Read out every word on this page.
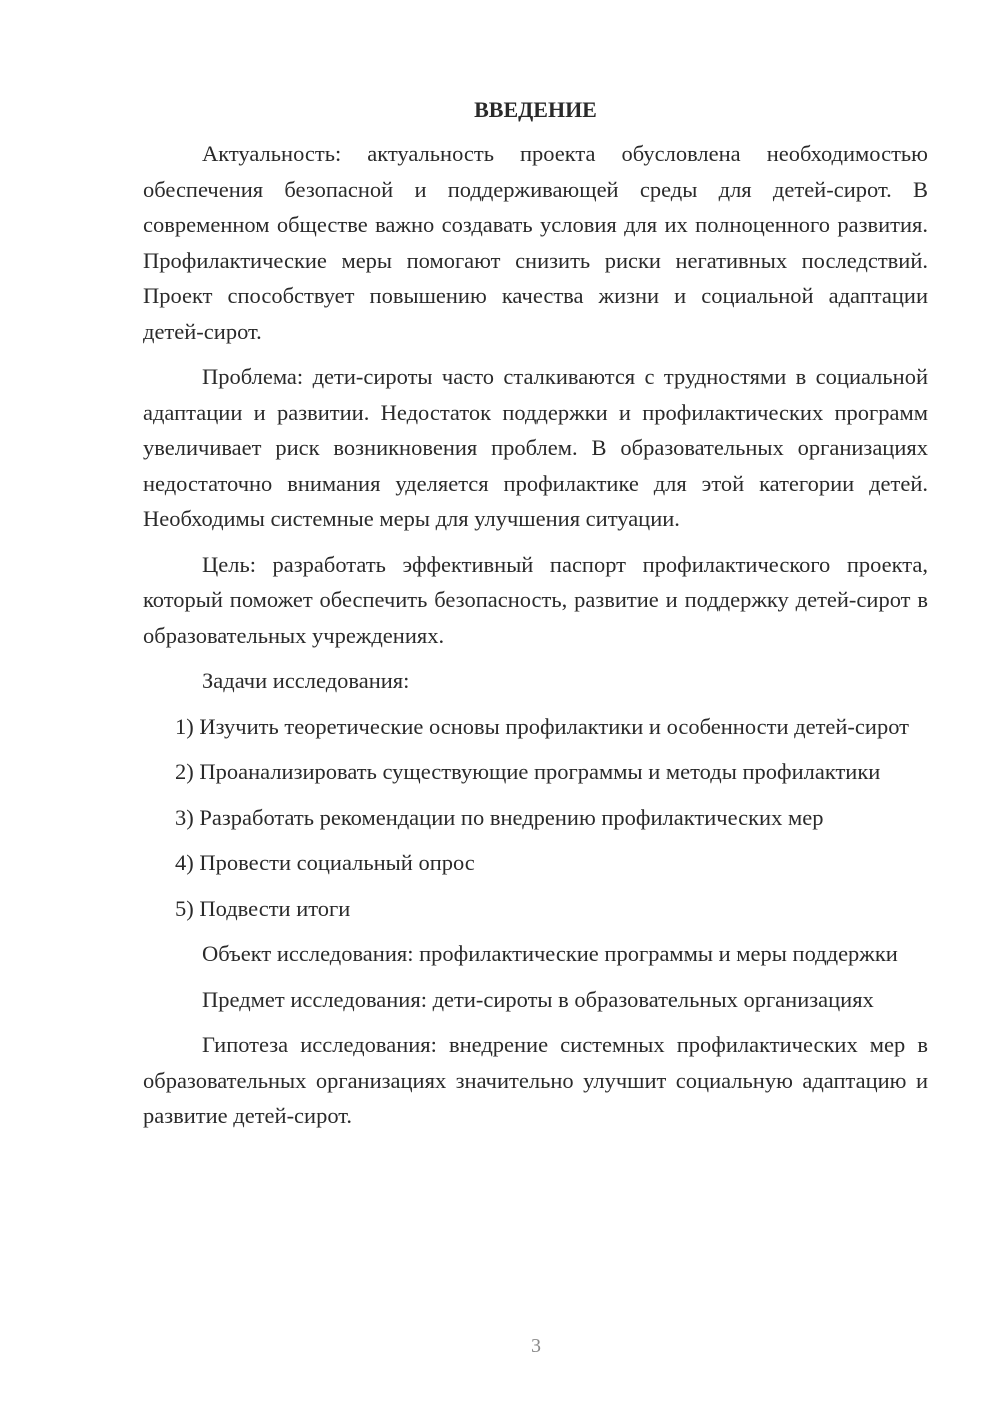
ВВЕДЕНИЕ

Актуальность: актуальность проекта обусловлена необходимостью обеспечения безопасной и поддерживающей среды для детей-сирот. В современном обществе важно создавать условия для их полноценного развития. Профилактические меры помогают снизить риски негативных последствий. Проект способствует повышению качества жизни и социальной адаптации детей-сирот.

Проблема: дети-сироты часто сталкиваются с трудностями в социальной адаптации и развитии. Недостаток поддержки и профилактических программ увеличивает риск возникновения проблем. В образовательных организациях недостаточно внимания уделяется профилактике для этой категории детей. Необходимы системные меры для улучшения ситуации.

Цель: разработать эффективный паспорт профилактического проекта, который поможет обеспечить безопасность, развитие и поддержку детей-сирот в образовательных учреждениях.

Задачи исследования:

1) Изучить теоретические основы профилактики и особенности детей-сирот

2) Проанализировать существующие программы и методы профилактики

3) Разработать рекомендации по внедрению профилактических мер

4) Провести социальный опрос

5) Подвести итоги

Объект исследования: профилактические программы и меры поддержки

Предмет исследования: дети-сироты в образовательных организациях

Гипотеза исследования: внедрение системных профилактических мер в образовательных организациях значительно улучшит социальную адаптацию и развитие детей-сирот.

3
